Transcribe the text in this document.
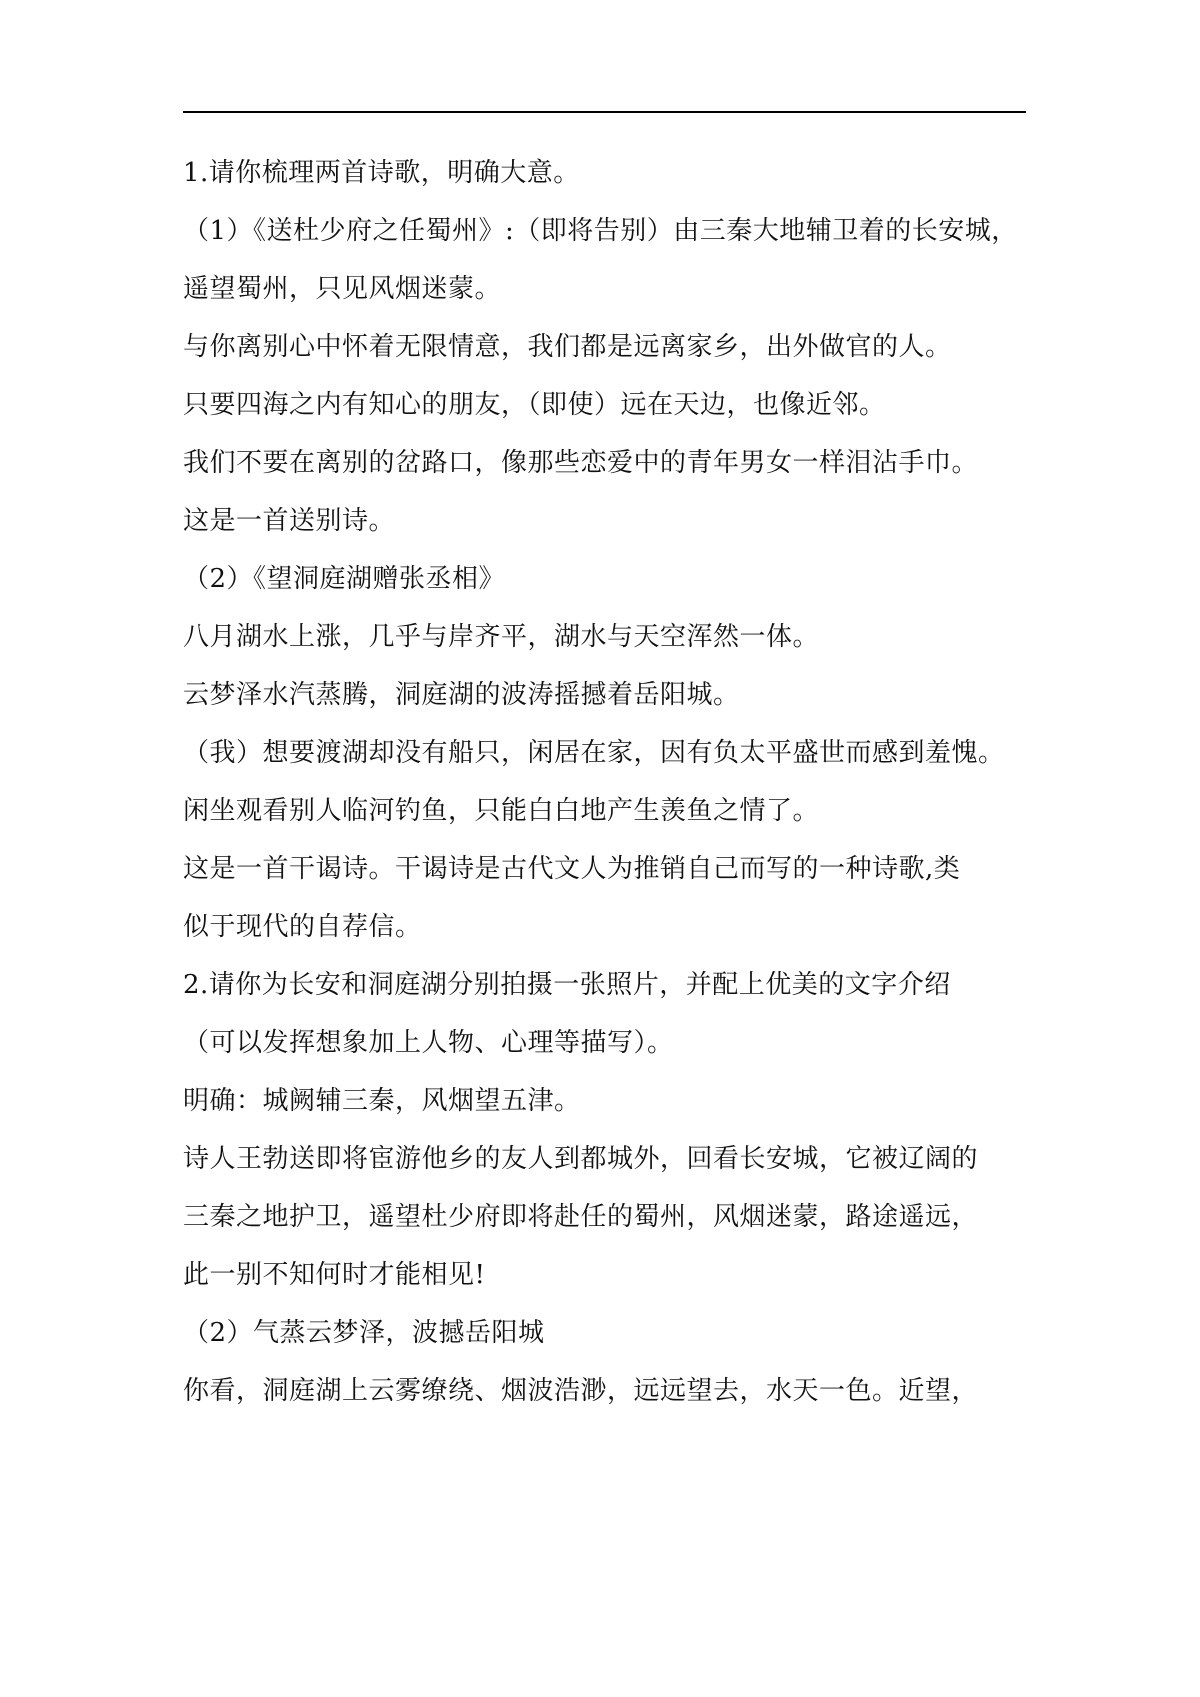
1.请你梳理两首诗歌，明确大意。
（1）《送杜少府之任蜀州》:（即将告别）由三秦大地辅卫着的长安城，
遥望蜀州，只见风烟迷蒙。
与你离别心中怀着无限情意，我们都是远离家乡，出外做官的人。
只要四海之内有知心的朋友，（即使）远在天边，也像近邻。
我们不要在离别的岔路口，像那些恋爱中的青年男女一样泪沾手巾。
这是一首送别诗。
（2）《望洞庭湖赠张丞相》
八月湖水上涨，几乎与岸齐平，湖水与天空浑然一体。
云梦泽水汽蒸腾，洞庭湖的波涛摇撼着岳阳城。
（我）想要渡湖却没有船只，闲居在家，因有负太平盛世而感到羞愧。
闲坐观看别人临河钓鱼，只能白白地产生羡鱼之情了。
这是一首干谒诗。干谒诗是古代文人为推销自己而写的一种诗歌,类
似于现代的自荐信。
2.请你为长安和洞庭湖分别拍摄一张照片，并配上优美的文字介绍
（可以发挥想象加上人物、心理等描写）。
明确：城阙辅三秦，风烟望五津。
诗人王勃送即将宦游他乡的友人到都城外，回看长安城，它被辽阔的
三秦之地护卫，遥望杜少府即将赴任的蜀州，风烟迷蒙，路途遥远，
此一别不知何时才能相见!
（2）气蒸云梦泽，波撼岳阳城
你看，洞庭湖上云雾缭绕、烟波浩渺，远远望去，水天一色。近望，
